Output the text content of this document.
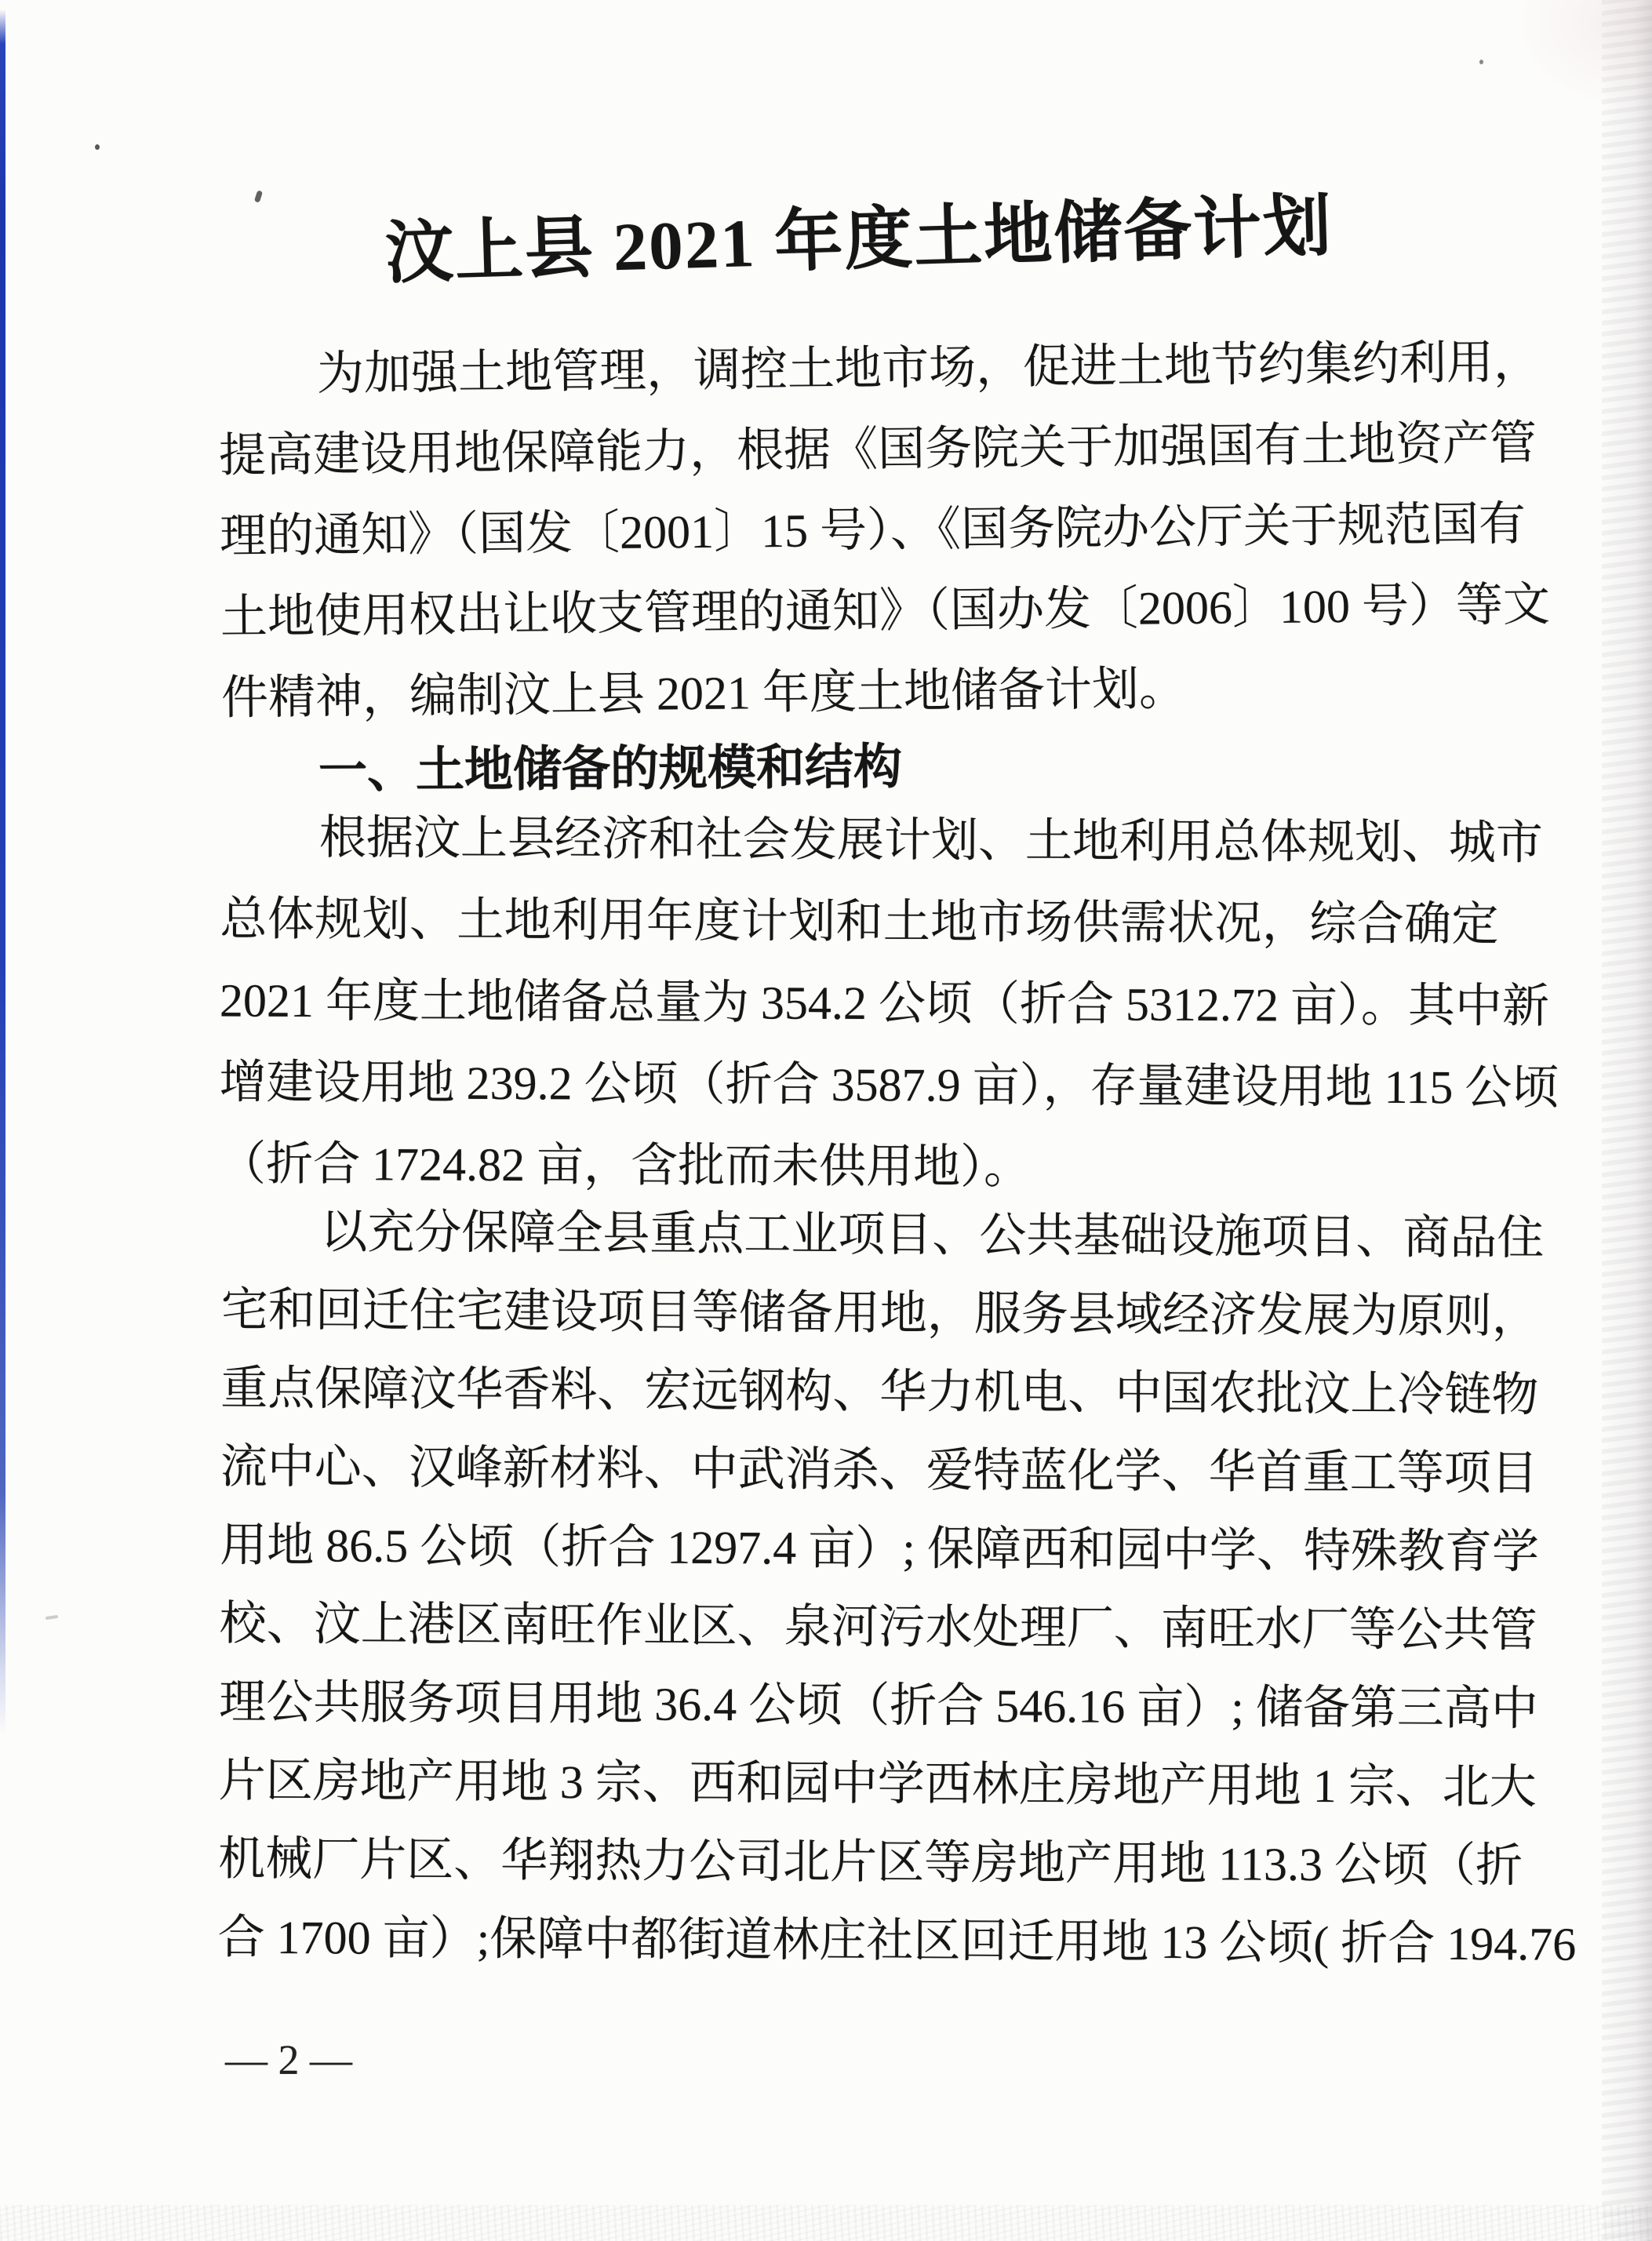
汶上县 2021 年度土地储备计划
为加强土地管理，调控土地市场，促进土地节约集约利用，
提高建设用地保障能力，根据《国务院关于加强国有土地资产管
理的通知》（国发〔2001〕15 号）、《国务院办公厅关于规范国有
土地使用权出让收支管理的通知》（国办发〔2006〕100 号）等文
件精神，编制汶上县 2021 年度土地储备计划。
一、土地储备的规模和结构
根据汶上县经济和社会发展计划、土地利用总体规划、城市
总体规划、土地利用年度计划和土地市场供需状况，综合确定
2021 年度土地储备总量为 354.2 公顷（折合 5312.72 亩）。其中新
增建设用地 239.2 公顷（折合 3587.9 亩），存量建设用地 115 公顷
（折合 1724.82 亩，含批而未供用地）。
以充分保障全县重点工业项目、公共基础设施项目、商品住
宅和回迁住宅建设项目等储备用地，服务县域经济发展为原则，
重点保障汶华香料、宏远钢构、华力机电、中国农批汶上冷链物
流中心、汉峰新材料、中武消杀、爱特蓝化学、华首重工等项目
用地 86.5 公顷（折合 1297.4 亩）; 保障西和园中学、特殊教育学
校、汶上港区南旺作业区、泉河污水处理厂、南旺水厂等公共管
理公共服务项目用地 36.4 公顷（折合 546.16 亩）; 储备第三高中
片区房地产用地 3 宗、西和园中学西林庄房地产用地 1 宗、北大
机械厂片区、华翔热力公司北片区等房地产用地 113.3 公顷（折
合 1700 亩）;保障中都街道林庄社区回迁用地 13 公顷( 折合 194.76
— 2 —
